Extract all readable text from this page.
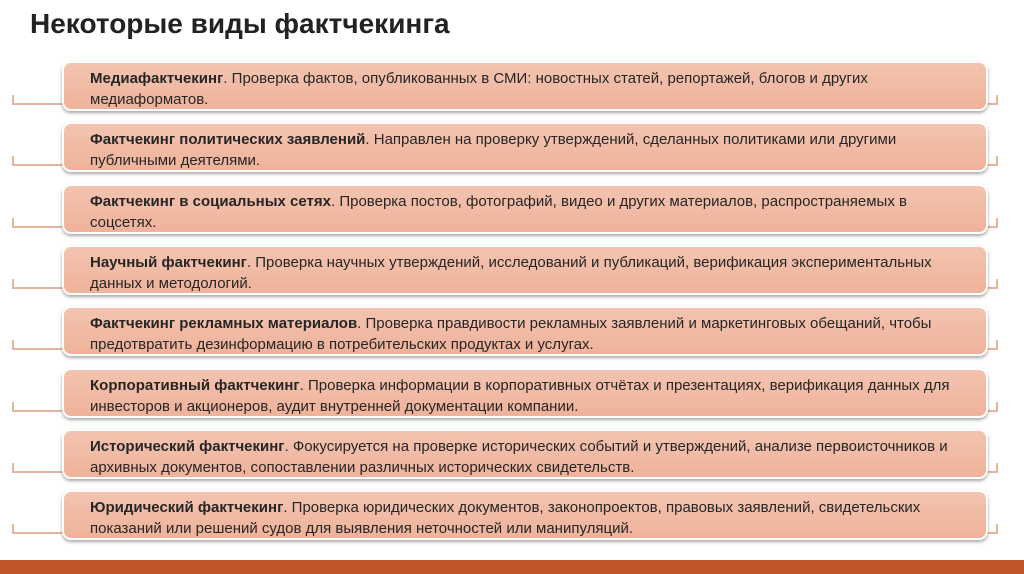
Некоторые виды фактчекинга
Медиафактчекинг. Проверка фактов, опубликованных в СМИ: новостных статей, репортажей, блогов и других медиаформатов.
Фактчекинг политических заявлений. Направлен на проверку утверждений, сделанных политиками или другими публичными деятелями.
Фактчекинг в социальных сетях. Проверка постов, фотографий, видео и других материалов, распространяемых в соцсетях.
Научный фактчекинг. Проверка научных утверждений, исследований и публикаций, верификация экспериментальных данных и методологий.
Фактчекинг рекламных материалов. Проверка правдивости рекламных заявлений и маркетинговых обещаний, чтобы предотвратить дезинформацию в потребительских продуктах и услугах.
Корпоративный фактчекинг. Проверка информации в корпоративных отчётах и презентациях, верификация данных для инвесторов и акционеров, аудит внутренней документации компании.
Исторический фактчекинг. Фокусируется на проверке исторических событий и утверждений, анализе первоисточников и архивных документов, сопоставлении различных исторических свидетельств.
Юридический фактчекинг. Проверка юридических документов, законопроектов, правовых заявлений, свидетельских показаний или решений судов для выявления неточностей или манипуляций.
